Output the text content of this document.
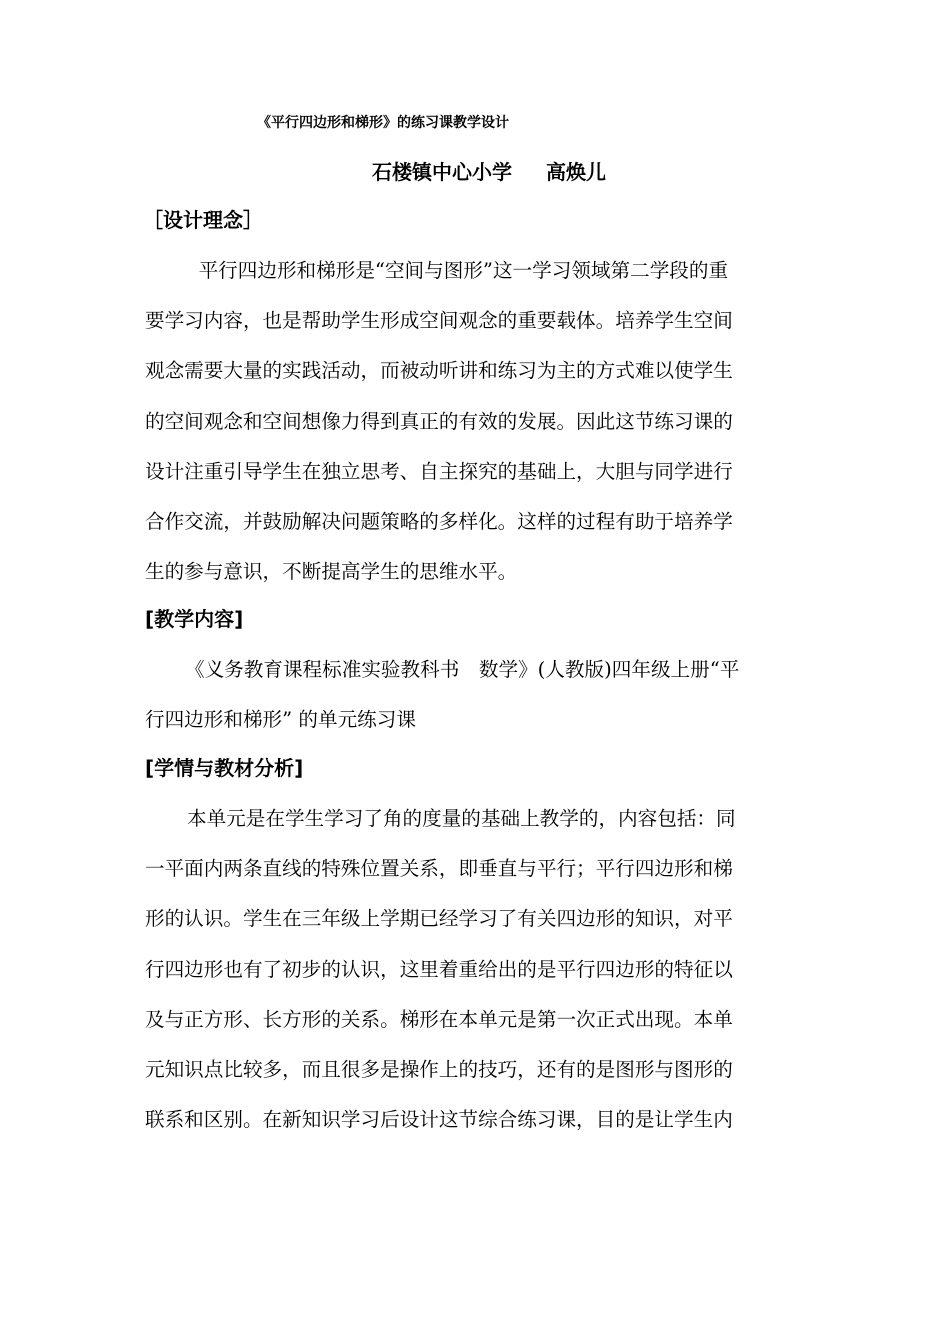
《平行四边形和梯形》的练习课教学设计
石楼镇中心小学 高焕儿
［设计理念］
　平行四边形和梯形是“空间与图形”这一学习领域第二学段的重
要学习内容，也是帮助学生形成空间观念的重要载体。培养学生空间
观念需要大量的实践活动，而被动听讲和练习为主的方式难以使学生
的空间观念和空间想像力得到真正的有效的发展。因此这节练习课的
设计注重引导学生在独立思考、自主探究的基础上，大胆与同学进行
合作交流，并鼓励解决问题策略的多样化。这样的过程有助于培养学
生的参与意识，不断提高学生的思维水平。
[教学内容]
《义务教育课程标准实验教科书　数学》(人教版)四年级上册“平
行四边形和梯形” 的单元练习课
[学情与教材分析]
本单元是在学生学习了角的度量的基础上教学的，内容包括：同
一平面内两条直线的特殊位置关系，即垂直与平行；平行四边形和梯
形的认识。学生在三年级上学期已经学习了有关四边形的知识，对平
行四边形也有了初步的认识，这里着重给出的是平行四边形的特征以
及与正方形、长方形的关系。梯形在本单元是第一次正式出现。本单
元知识点比较多，而且很多是操作上的技巧，还有的是图形与图形的
联系和区别。在新知识学习后设计这节综合练习课，目的是让学生内
